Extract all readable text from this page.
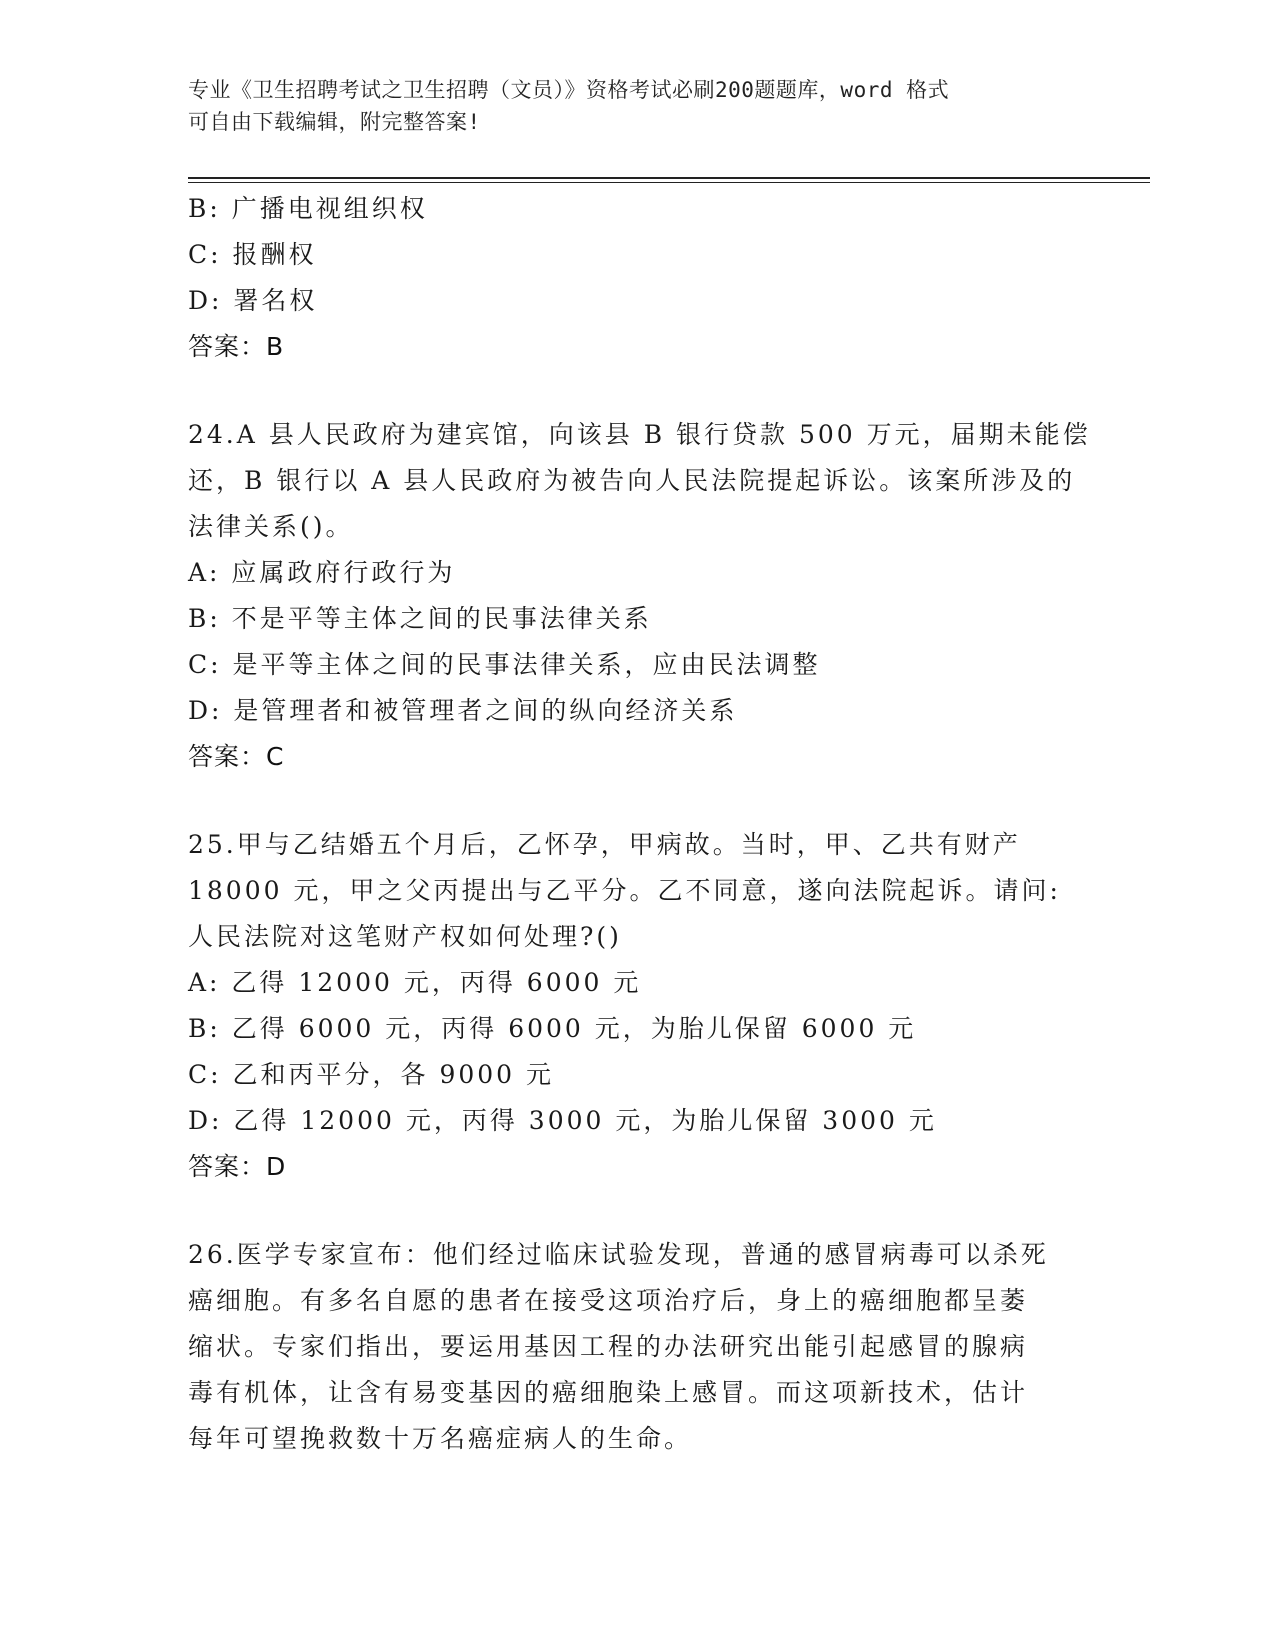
专业《卫生招聘考试之卫生招聘（文员）》资格考试必刷200题题库，word 格式
可自由下载编辑，附完整答案!
B: 广播电视组织权
C: 报酬权
D: 署名权
答案：B
24.A 县人民政府为建宾馆，向该县 B 银行贷款 500 万元，届期未能偿
还，B 银行以 A 县人民政府为被告向人民法院提起诉讼。该案所涉及的
法律关系()。
A: 应属政府行政行为
B: 不是平等主体之间的民事法律关系
C: 是平等主体之间的民事法律关系，应由民法调整
D: 是管理者和被管理者之间的纵向经济关系
答案：C
25.甲与乙结婚五个月后，乙怀孕，甲病故。当时，甲、乙共有财产
18000 元，甲之父丙提出与乙平分。乙不同意，遂向法院起诉。请问:
人民法院对这笔财产权如何处理?()
A: 乙得 12000 元，丙得 6000 元
B: 乙得 6000 元，丙得 6000 元，为胎儿保留 6000 元
C: 乙和丙平分，各 9000 元
D: 乙得 12000 元，丙得 3000 元，为胎儿保留 3000 元
答案：D
26.医学专家宣布：他们经过临床试验发现，普通的感冒病毒可以杀死
癌细胞。有多名自愿的患者在接受这项治疗后，身上的癌细胞都呈萎
缩状。专家们指出，要运用基因工程的办法研究出能引起感冒的腺病
毒有机体，让含有易变基因的癌细胞染上感冒。而这项新技术，估计
每年可望挽救数十万名癌症病人的生命。
